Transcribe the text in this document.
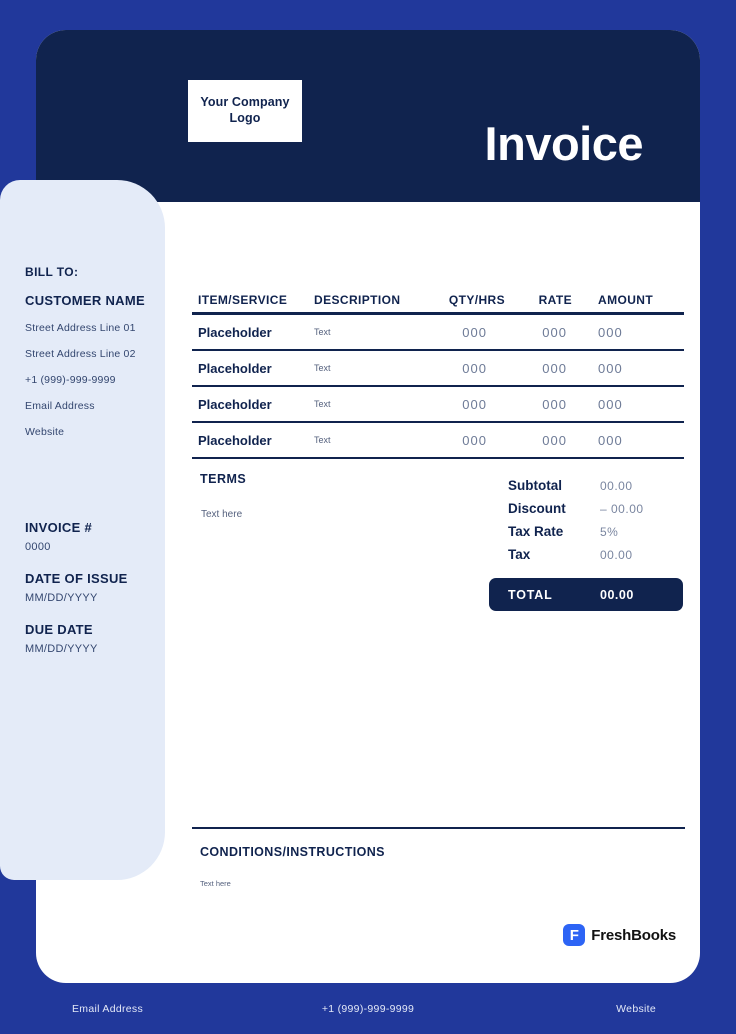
Your Company Logo	Invoice
BILL TO:
CUSTOMER NAME
Street Address Line 01
Street Address Line 02
+1 (999)-999-9999
Email Address
Website
INVOICE #
0000
DATE OF ISSUE
MM/DD/YYYY
DUE DATE
MM/DD/YYYY
ITEM/SERVICE	DESCRIPTION	QTY/HRS	RATE	AMOUNT
Placeholder	Text	000	000	000
Placeholder	Text	000	000	000
Placeholder	Text	000	000	000
Placeholder	Text	000	000	000
TERMS
Text here
Subtotal	00.00
Discount	– 00.00
Tax Rate	5%
Tax	00.00
TOTAL	00.00
CONDITIONS/INSTRUCTIONS
Text here
F FreshBooks
Email Address	+1 (999)-999-9999	Website
